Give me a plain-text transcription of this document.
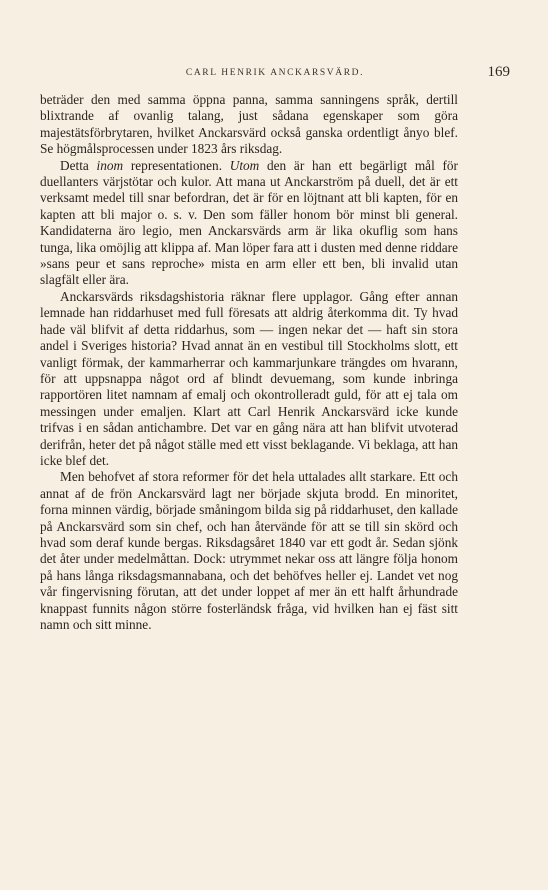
CARL HENRIK ANCKARSVÄRD.	169

beträder den med samma öppna panna, samma sanningens språk, dertill blixtrande af ovanlig talang, just sådana egenskaper som göra majestätsförbrytaren, hvilket Anckarsvärd också ganska ordentligt ånyo blef. Se högmålsprocessen under 1823 års riksdag.

Detta inom representationen. Utom den är han ett begärligt mål för duellanters värjstötar och kulor. Att mana ut Anckarström på duell, det är ett verksamt medel till snar befordran, det är för en löjtnant att bli kapten, för en kapten att bli major o. s. v. Den som fäller honom bör minst bli general. Kandidaterna äro legio, men Anckarsvärds arm är lika okuflig som hans tunga, lika omöjlig att klippa af. Man löper fara att i dusten med denne riddare »sans peur et sans reproche» mista en arm eller ett ben, bli invalid utan slagfält eller ära.

Anckarsvärds riksdagshistoria räknar flere upplagor. Gång efter annan lemnade han riddarhuset med full föresats att aldrig återkomma dit. Ty hvad hade väl blifvit af detta riddarhus, som — ingen nekar det — haft sin stora andel i Sveriges historia? Hvad annat än en vestibul till Stockholms slott, ett vanligt förmak, der kammarherrar och kammarjunkare trängdes om hvarann, för att uppsnappa något ord af blindt devuemang, som kunde inbringa rapportören litet namnam af emalj och okontrolleradt guld, för att ej tala om messingen under emaljen. Klart att Carl Henrik Anckarsvärd icke kunde trifvas i en sådan antichambre. Det var en gång nära att han blifvit utvoterad derifrån, heter det på något ställe med ett visst beklagande. Vi beklaga, att han icke blef det.

Men behofvet af stora reformer för det hela uttalades allt starkare. Ett och annat af de frön Anckarsvärd lagt ner började skjuta brodd. En minoritet, forna minnen värdig, började småningom bilda sig på riddarhuset, den kallade på Anckarsvärd som sin chef, och han återvände för att se till sin skörd och hvad som deraf kunde bergas. Riksdagsåret 1840 var ett godt år. Sedan sjönk det åter under medelmåttan. Dock: utrymmet nekar oss att längre följa honom på hans långa riksdagsmannabana, och det behöfves heller ej. Landet vet nog vår fingervisning förutan, att det under loppet af mer än ett halft århundrade knappast funnits någon större fosterländsk fråga, vid hvilken han ej fäst sitt namn och sitt minne.
